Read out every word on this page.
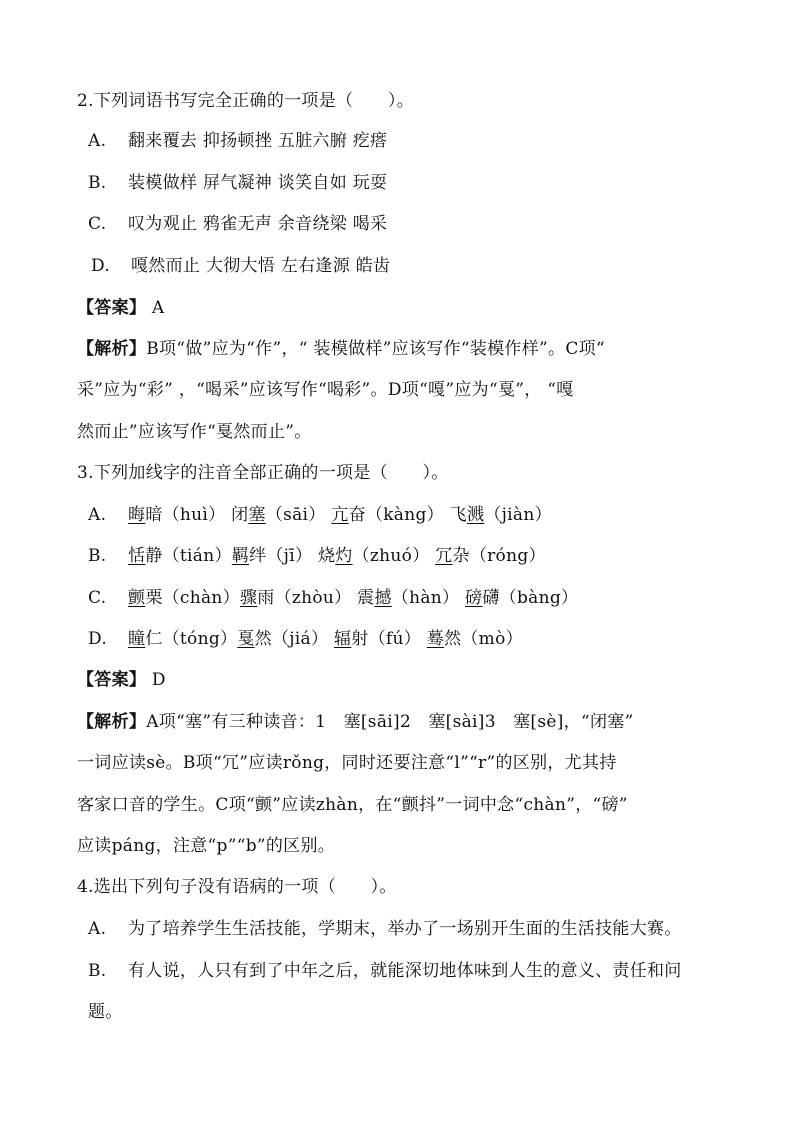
2.下列词语书写完全正确的一项是（　　）。
A. 翻来覆去 抑扬顿挫 五脏六腑 疙瘩
B. 装模做样 屏气凝神 谈笑自如 玩耍
C. 叹为观止 鸦雀无声 余音绕梁 喝采
D. 嘎然而止 大彻大悟 左右逢源 皓齿
【答案】 A
【解析】B项“做”应为“作”，“ 装模做样”应该写作“装模作样”。C项“
采”应为“彩” ，“喝采”应该写作“喝彩”。D项“嘎”应为“戛”， “嘎
然而止”应该写作“戛然而止”。
3.下列加线字的注音全部正确的一项是（　　）。
A. 晦暗（huì） 闭塞（sāi） 亢奋（kàng） 飞溅（jiàn）
B. 恬静（tián）羁绊（jī） 烧灼（zhuó） 冗杂（róng）
C. 颤栗（chàn）骤雨（zhòu） 震撼（hàn） 磅礴（bàng）
D. 瞳仁（tóng）戛然（jiá） 辐射（fú） 蓦然（mò）
【答案】 D
【解析】A项“塞”有三种读音：1　塞[sāi]2　塞[sài]3　塞[sè]，“闭塞”
一词应读sè。B项“冗”应读rǒng，同时还要注意“l”“r”的区别，尤其持
客家口音的学生。C项“颤”应读zhàn，在“颤抖”一词中念“chàn”，“磅”
应读páng，注意“p”“b”的区别。
4.选出下列句子没有语病的一项（　　）。
A. 为了培养学生生活技能，学期末，举办了一场别开生面的生活技能大赛。
B. 有人说，人只有到了中年之后，就能深切地体味到人生的意义、责任和问
题。
